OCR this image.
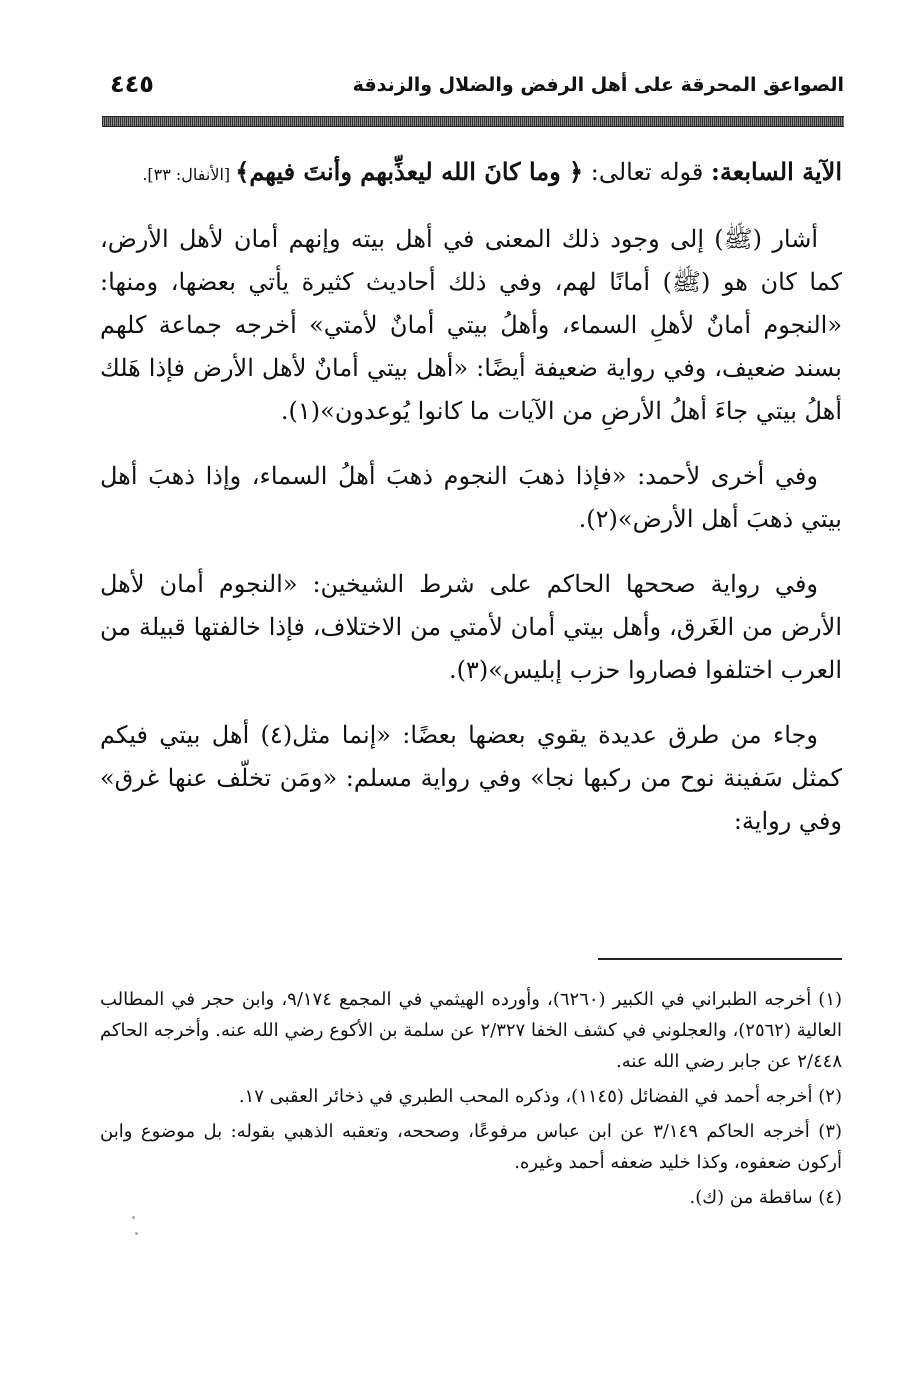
الصواعق المحرقة على أهل الرفض والضلال والزندقة
٤٤٥

الآية السابعة: قوله تعالى: ﴿ وما كانَ الله ليعذِّبهم وأنتَ فيهم﴾ [الأنفال: ٣٣].

أشار (ﷺ) إلى وجود ذلك المعنى في أهل بيته وإنهم أمان لأهل الأرض، كما كان هو (ﷺ) أمانًا لهم، وفي ذلك أحاديث كثيرة يأتي بعضها، ومنها: «النجوم أمانٌ لأهلِ السماء، وأهلُ بيتي أمانٌ لأمتي» أخرجه جماعة كلهم بسند ضعيف، وفي رواية ضعيفة أيضًا: «أهل بيتي أمانٌ لأهل الأرض فإذا هَلك أهلُ بيتي جاءَ أهلُ الأرضِ من الآيات ما كانوا يُوعدون»(١).

وفي أخرى لأحمد: «فإذا ذهبَ النجوم ذهبَ أهلُ السماء، وإذا ذهبَ أهل بيتي ذهبَ أهل الأرض»(٢).

وفي رواية صححها الحاكم على شرط الشيخين: «النجوم أمان لأهل الأرض من الغَرق، وأهل بيتي أمان لأمتي من الاختلاف، فإذا خالفتها قبيلة من العرب اختلفوا فصاروا حزب إبليس»(٣).

وجاء من طرق عديدة يقوي بعضها بعضًا: «إنما مثل(٤) أهل بيتي فيكم كمثل سَفينة نوح من ركبها نجا» وفي رواية مسلم: «ومَن تخلّف عنها غرق» وفي رواية:

(١) أخرجه الطبراني في الكبير (٦٢٦٠)، وأورده الهيثمي في المجمع ٩/١٧٤، وابن حجر في المطالب العالية (٢٥٦٢)، والعجلوني في كشف الخفا ٢/٣٢٧ عن سلمة بن الأكوع رضي الله عنه. وأخرجه الحاكم ٢/٤٤٨ عن جابر رضي الله عنه.
(٢) أخرجه أحمد في الفضائل (١١٤٥)، وذكره المحب الطبري في ذخائر العقبى ١٧.
(٣) أخرجه الحاكم ٣/١٤٩ عن ابن عباس مرفوعًا، وصححه، وتعقبه الذهبي بقوله: بل موضوع وابن أركون ضعفوه، وكذا خليد ضعفه أحمد وغيره.
(٤) ساقطة من (ك).
